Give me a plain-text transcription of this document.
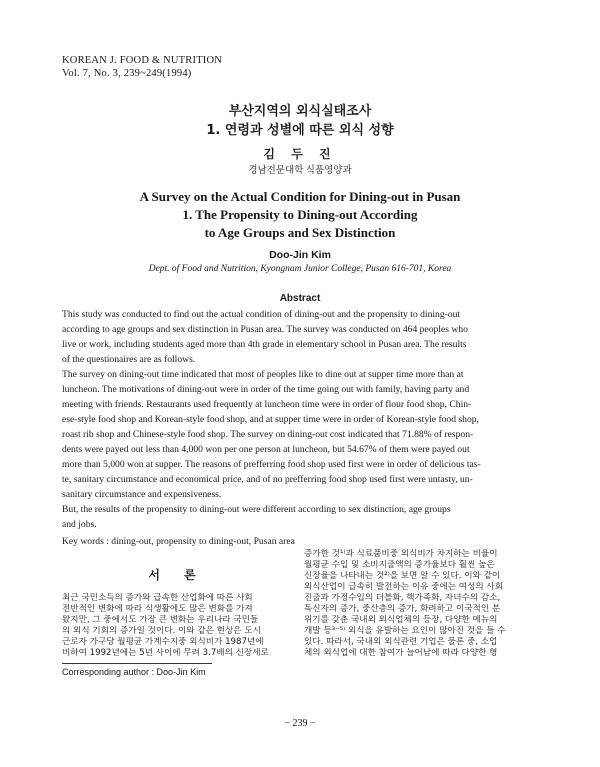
KOREAN J. FOOD & NUTRITION
Vol. 7, No. 3, 239~249(1994)
부산지역의 외식실태조사
1. 연령과 성별에 따른 외식 성향
김 두 진
경남전문대학 식품영양과
A Survey on the Actual Condition for Dining-out in Pusan
1. The Propensity to Dining-out According
to Age Groups and Sex Distinction
Doo-Jin Kim
Dept. of Food and Nutrition, Kyongnam Junior College, Pusan 616-701, Korea
Abstract
This study was conducted to find out the actual condition of dining-out and the propensity to dining-out
according to age groups and sex distinction in Pusan area. The survey was conducted on 464 peoples who
live or work, including students aged more than 4th grade in elementary school in Pusan area. The results
of the questionaires are as follows.
The survey on dining-out time indicated that most of peoples like to dine out at supper time more than at
luncheon. The motivations of dining-out were in order of the time going out with family, having party and
meeting with friends. Restaurants used frequently at luncheon time were in order of flour food shop, Chin-
ese-style food shop and Korean-style food shop, and at supper time were in order of Korean-style food shop,
roast rib shop and Chinese-style food shop. The survey on dining-out cost indicated that 71.88% of respon-
dents were payed out less than 4,000 won per one person at luncheon, but 54.67% of them were payed out
more than 5,000 won at supper. The reasons of prefferring food shop used first were in order of delicious tas-
te, sanitary circumstance and economical price, and of no prefferring food shop used first were untasty, un-
sanitary circumstance and expensiveness.
But, the results of the propensity to dining-out were different according to sex distinction, age groups
and jobs.
Key words : dining-out, propensity to dining-out, Pusan area
서 론
최근 국민소득의 증가와 급속한 산업화에 따른 사회
전반적인 변화에 따라 식생활에도 많은 변화를 가져
왔지만, 그 중에서도 가장 큰 변화는 우리나라 국민들
의 외식 기회의 증가일 것이다. 이와 같은 현상은 도시
근로자 가구당 월평균 가계수지중 외식비가 1987년에
비하여 1992년에는 5년 사이에 무려 3.7배의 신장세로
증가한 것¹⁾과 식료품비중 외식비가 차지하는 비율이
월평균 수입 및 소비지출액의 증가율보다 훨씬 높은
신장율을 나타내는 것²⁾을 보면 알 수 있다. 이와 같이
외식산업이 급속히 발전하는 이유 중에는 여성의 사회
진출과 가정수입의 더블화, 핵가족화, 자녀수의 감소,
독신자의 증가, 중산층의 증가, 화려하고 이국적인 분
위기를 갖춘 국내외 외식업체의 등장, 다양한 메뉴의
개발 등³⁻⁵⁾ 외식을 유발하는 요인이 많아진 것을 들 수
있다. 따라서, 국내외 외식관련 기업은 물론 중, 소업
체의 외식업에 대한 참여가 늘어남에 따라 다양한 형
Corresponding author : Doo-Jin Kim
− 239 −
